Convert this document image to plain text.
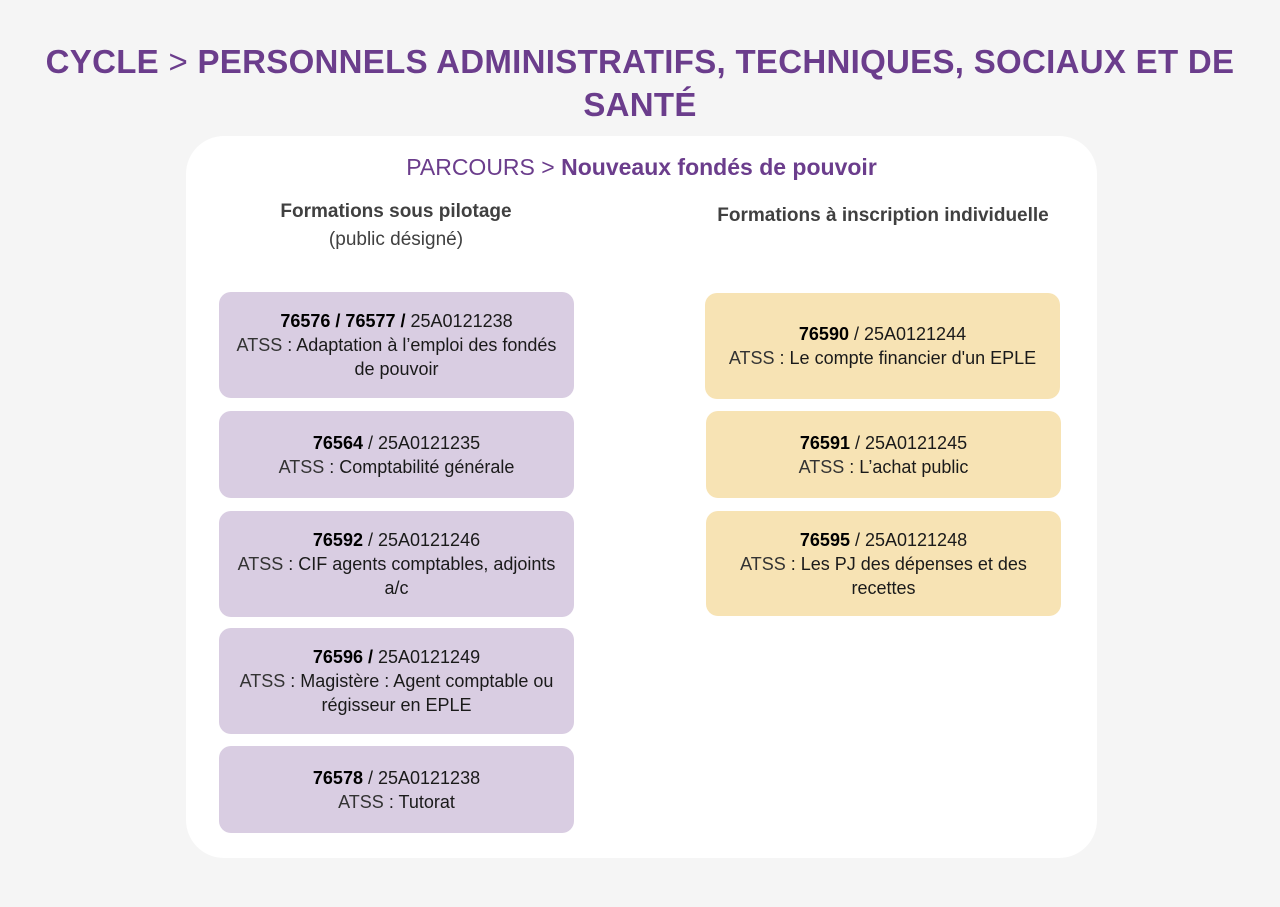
CYCLE > PERSONNELS ADMINISTRATIFS, TECHNIQUES, SOCIAUX ET DE SANTÉ
PARCOURS > Nouveaux fondés de pouvoir
Formations sous pilotage
(public désigné)
Formations à inscription individuelle
76576 / 76577 / 25A0121238
ATSS : Adaptation à l’emploi des fondés de pouvoir
76564 / 25A0121235
ATSS : Comptabilité générale
76592 / 25A0121246
ATSS : CIF agents comptables, adjoints a/c
76596 / 25A0121249
ATSS : Magistère : Agent comptable ou régisseur en EPLE
76578 / 25A0121238
ATSS : Tutorat
76590 / 25A0121244
ATSS : Le compte financier d'un EPLE
76591 / 25A0121245
ATSS : L’achat public
76595 / 25A0121248
ATSS : Les PJ des dépenses et des recettes
